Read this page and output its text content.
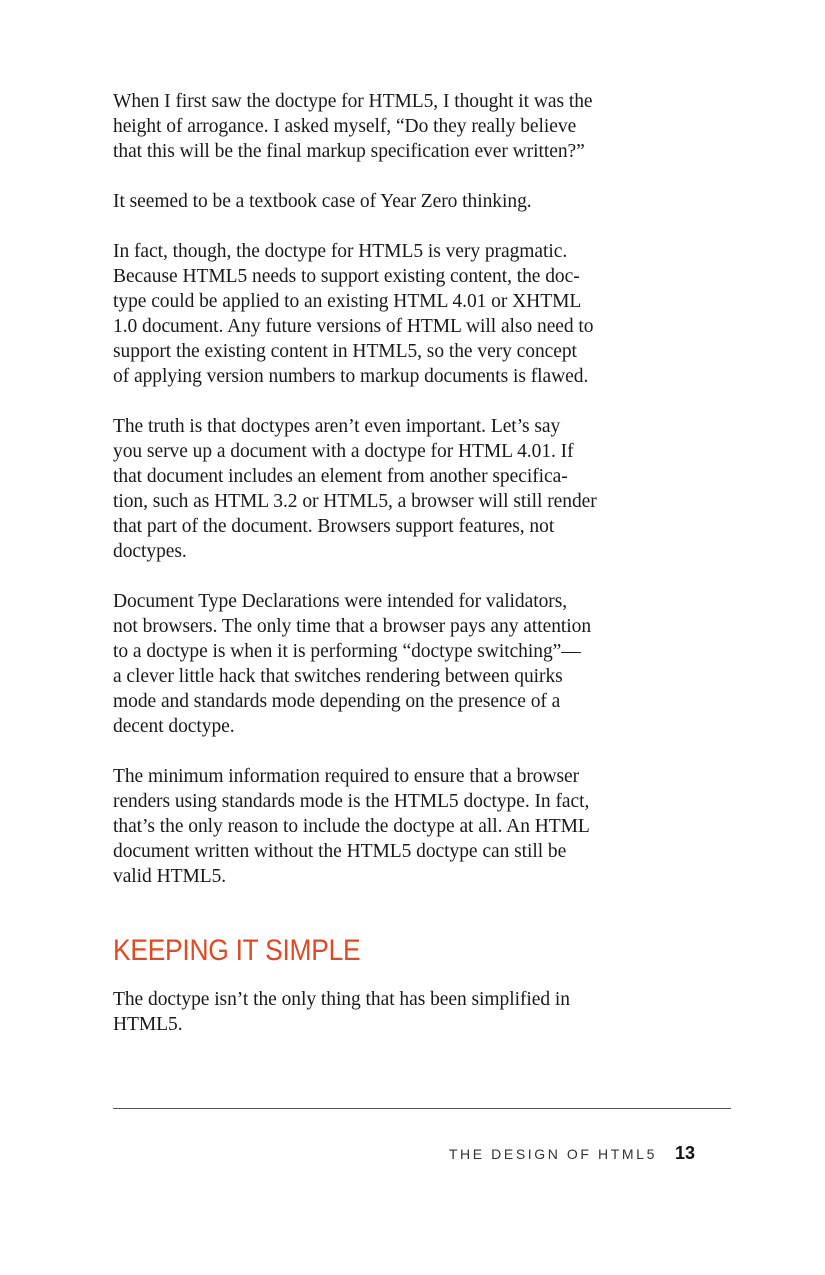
When I first saw the doctype for HTML5, I thought it was the
height of arrogance. I asked myself, “Do they really believe
that this will be the final markup specification ever written?”

It seemed to be a textbook case of Year Zero thinking.

In fact, though, the doctype for HTML5 is very pragmatic.
Because HTML5 needs to support existing content, the doc-
type could be applied to an existing HTML 4.01 or XHTML
1.0 document. Any future versions of HTML will also need to
support the existing content in HTML5, so the very concept
of applying version numbers to markup documents is flawed.

The truth is that doctypes aren’t even important. Let’s say
you serve up a document with a doctype for HTML 4.01. If
that document includes an element from another specifica-
tion, such as HTML 3.2 or HTML5, a browser will still render
that part of the document. Browsers support features, not
doctypes.

Document Type Declarations were intended for validators,
not browsers. The only time that a browser pays any attention
to a doctype is when it is performing “doctype switching”—
a clever little hack that switches rendering between quirks
mode and standards mode depending on the presence of a
decent doctype.

The minimum information required to ensure that a browser
renders using standards mode is the HTML5 doctype. In fact,
that’s the only reason to include the doctype at all. An HTML
document written without the HTML5 doctype can still be
valid HTML5.

KEEPING IT SIMPLE

The doctype isn’t the only thing that has been simplified in
HTML5.

THE DESIGN OF HTML5 13
